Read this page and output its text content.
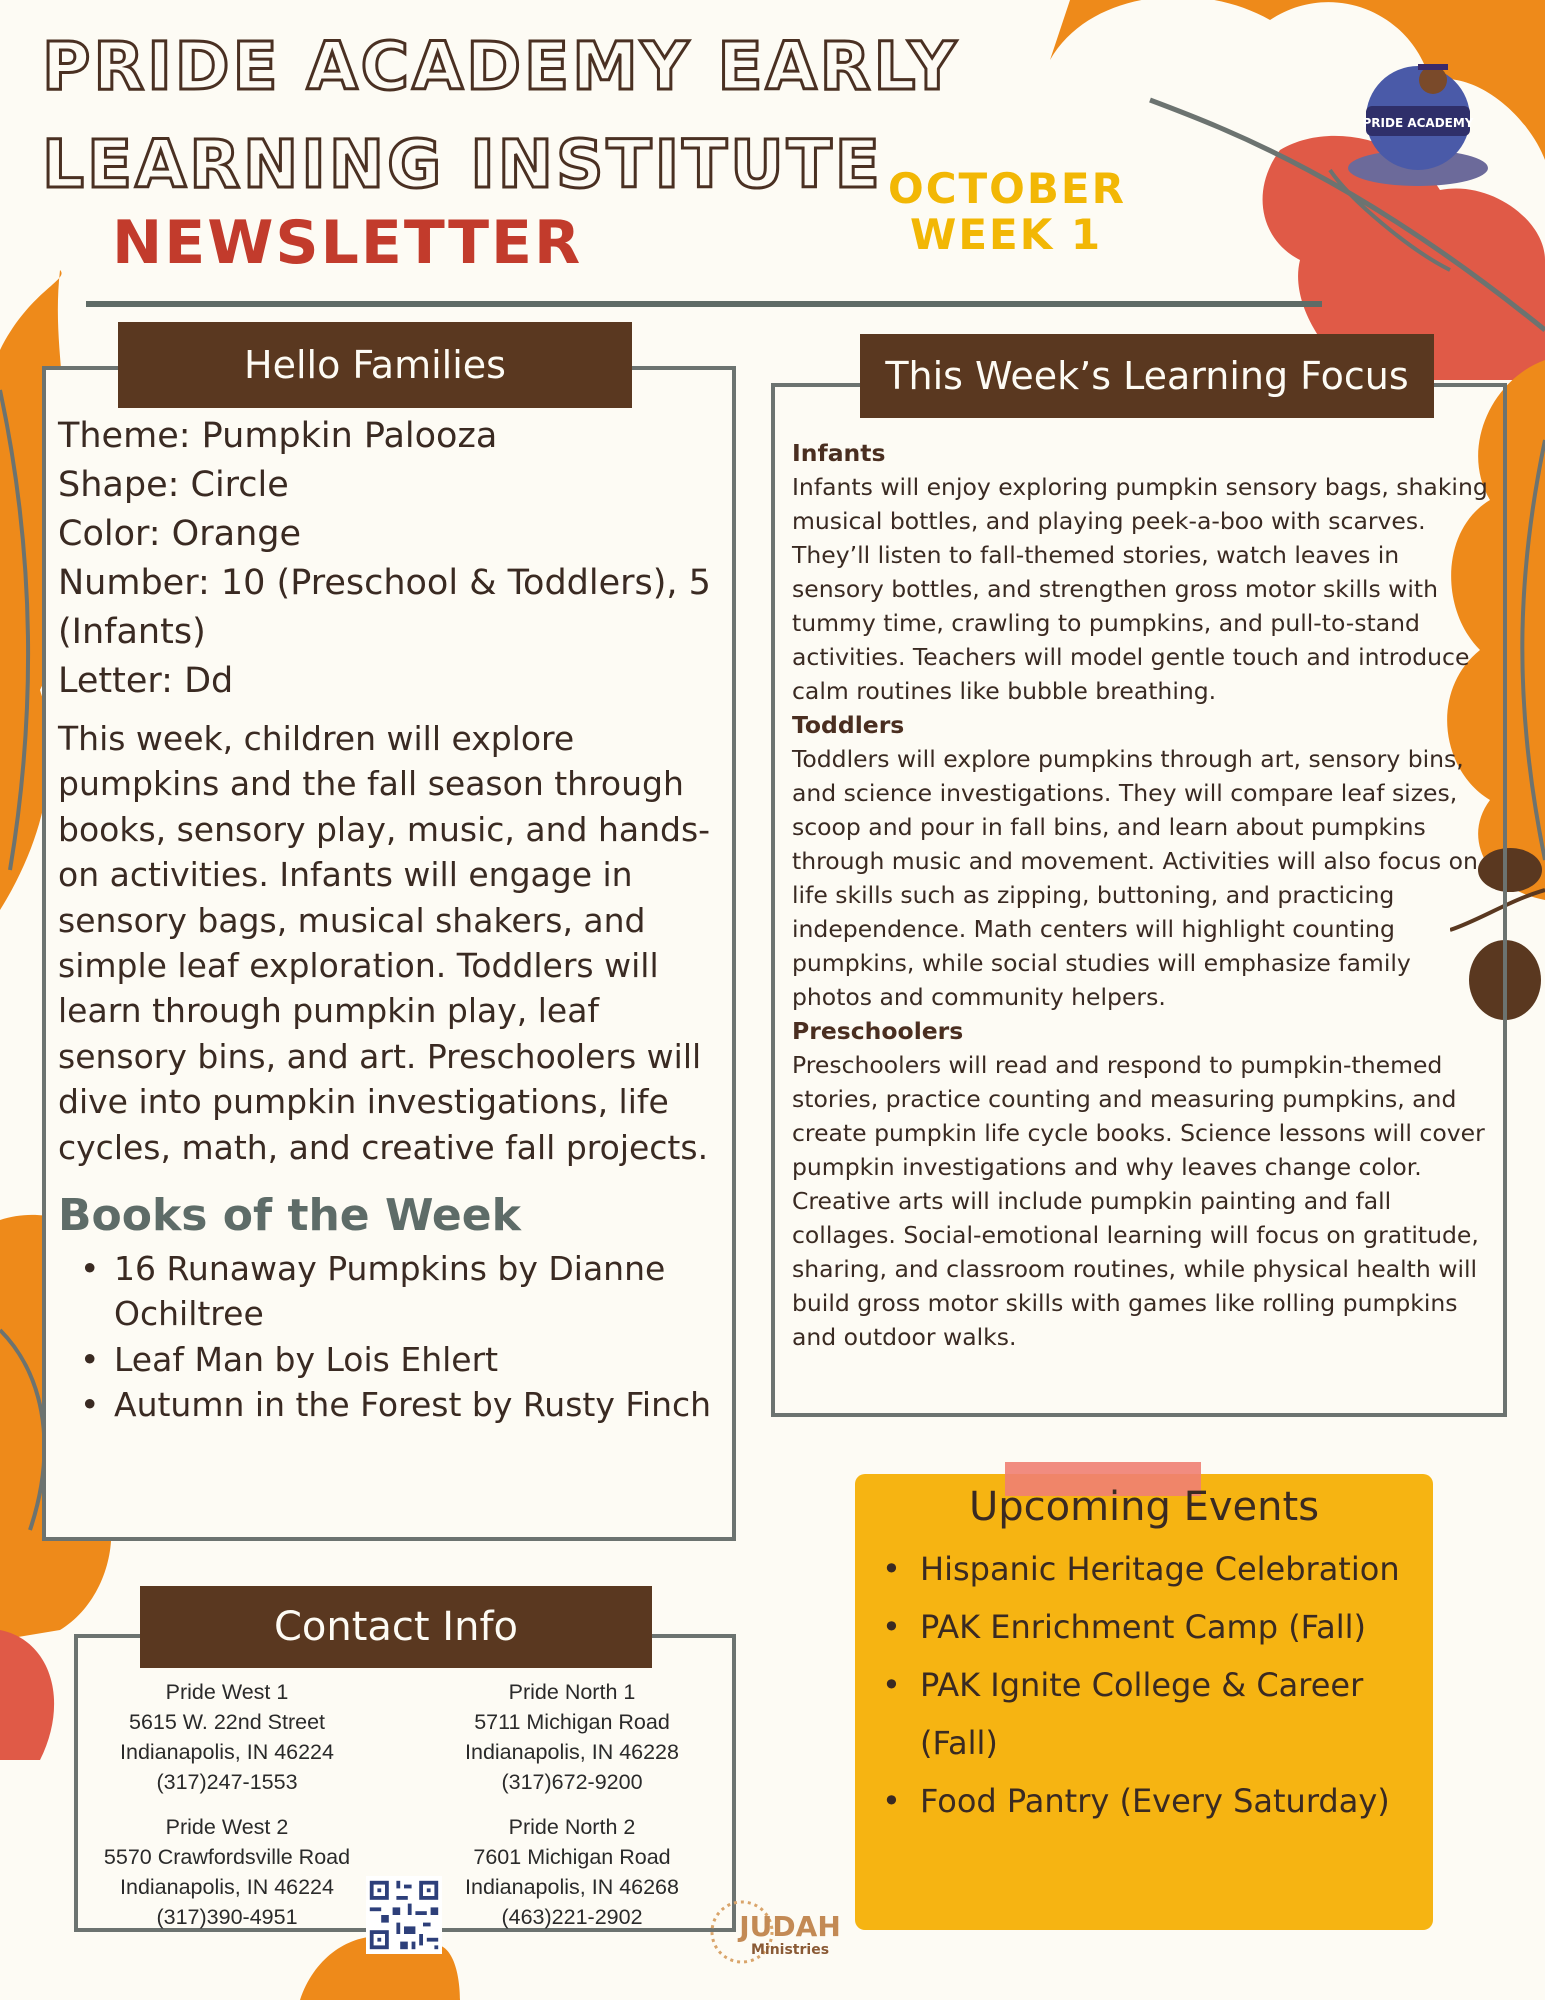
PRIDE ACADEMY
PRIDE ACADEMY EARLY
LEARNING INSTITUTE
NEWSLETTER
OCTOBER
WEEK 1
Hello Families
Theme: Pumpkin Palooza
Shape: Circle
Color: Orange
Number: 10 (Preschool & Toddlers), 5 (Infants)
Letter: Dd
This week, children will explore pumpkins and the fall season through books, sensory play, music, and hands-on activities. Infants will engage in sensory bags, musical shakers, and simple leaf exploration. Toddlers will learn through pumpkin play, leaf sensory bins, and art. Preschoolers will dive into pumpkin investigations, life cycles, math, and creative fall projects.
Books of the Week
• 16 Runaway Pumpkins by Dianne Ochiltree
• Leaf Man by Lois Ehlert
• Autumn in the Forest by Rusty Finch
This Week’s Learning Focus
Infants
Infants will enjoy exploring pumpkin sensory bags, shaking musical bottles, and playing peek-a-boo with scarves. They’ll listen to fall-themed stories, watch leaves in sensory bottles, and strengthen gross motor skills with tummy time, crawling to pumpkins, and pull-to-stand activities. Teachers will model gentle touch and introduce calm routines like bubble breathing.
Toddlers
Toddlers will explore pumpkins through art, sensory bins, and science investigations. They will compare leaf sizes, scoop and pour in fall bins, and learn about pumpkins through music and movement. Activities will also focus on life skills such as zipping, buttoning, and practicing independence. Math centers will highlight counting pumpkins, while social studies will emphasize family photos and community helpers.
Preschoolers
Preschoolers will read and respond to pumpkin-themed stories, practice counting and measuring pumpkins, and create pumpkin life cycle books. Science lessons will cover pumpkin investigations and why leaves change color. Creative arts will include pumpkin painting and fall collages. Social-emotional learning will focus on gratitude, sharing, and classroom routines, while physical health will build gross motor skills with games like rolling pumpkins and outdoor walks.
Upcoming Events
• Hispanic Heritage Celebration
• PAK Enrichment Camp (Fall)
• PAK Ignite College & Career (Fall)
• Food Pantry (Every Saturday)
Contact Info
Pride West 1
5615 W. 22nd Street
Indianapolis, IN 46224
(317)247-1553
Pride North 1
5711 Michigan Road
Indianapolis, IN 46228
(317)672-9200
Pride West 2
5570 Crawfordsville Road
Indianapolis, IN 46224
(317)390-4951
Pride North 2
7601 Michigan Road
Indianapolis, IN 46268
(463)221-2902	JUDAH
Ministries
